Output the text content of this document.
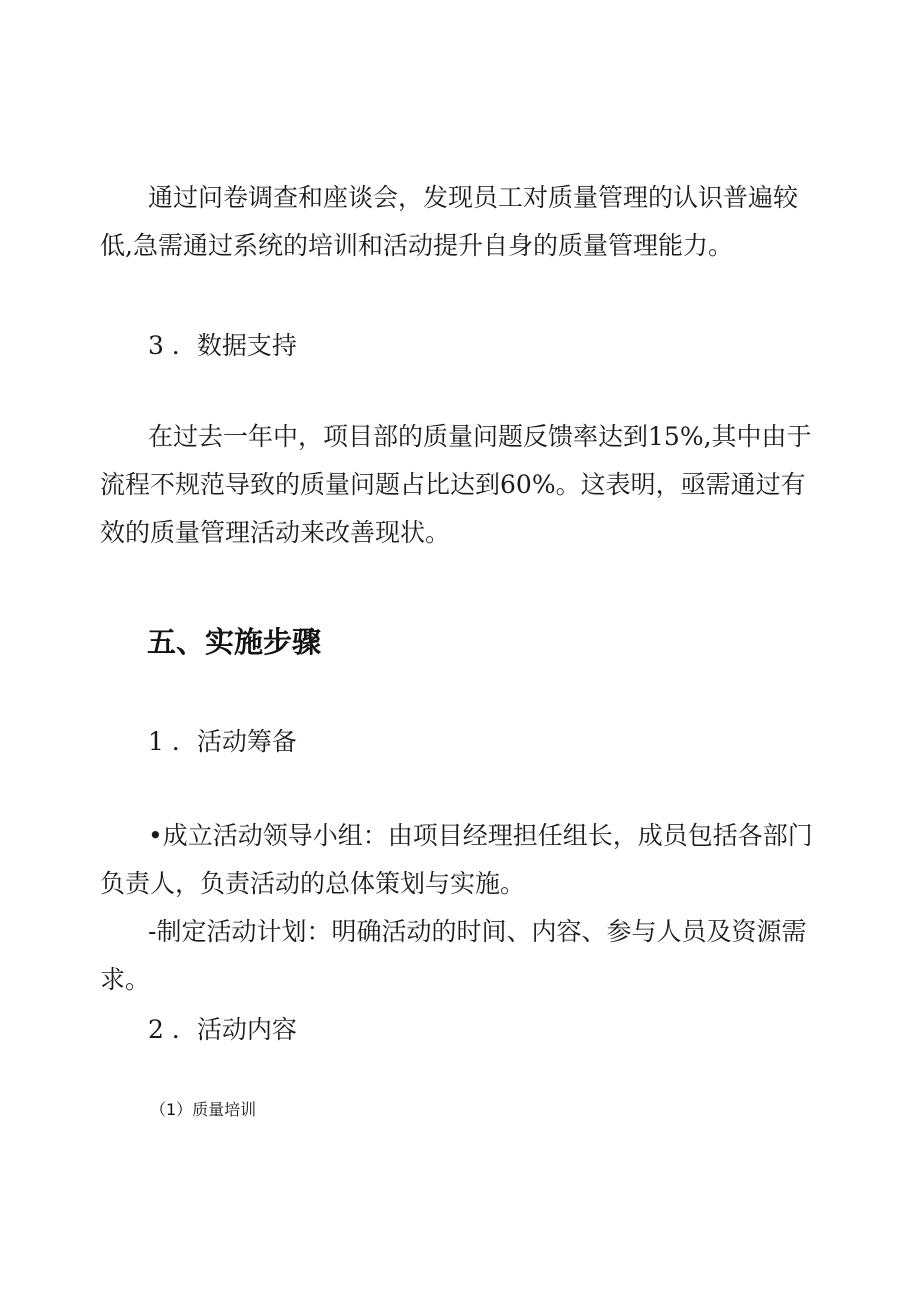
通过问卷调查和座谈会，发现员工对质量管理的认识普遍较低,急需通过系统的培训和活动提升自身的质量管理能力。

3 ．数据支持

在过去一年中，项目部的质量问题反馈率达到15%,其中由于流程不规范导致的质量问题占比达到60%。这表明，亟需通过有效的质量管理活动来改善现状。

五、实施步骤

1 ．活动筹备

•成立活动领导小组：由项目经理担任组长，成员包括各部门负责人，负责活动的总体策划与实施。

-制定活动计划：明确活动的时间、内容、参与人员及资源需求。

2 ．活动内容

（1）质量培训
